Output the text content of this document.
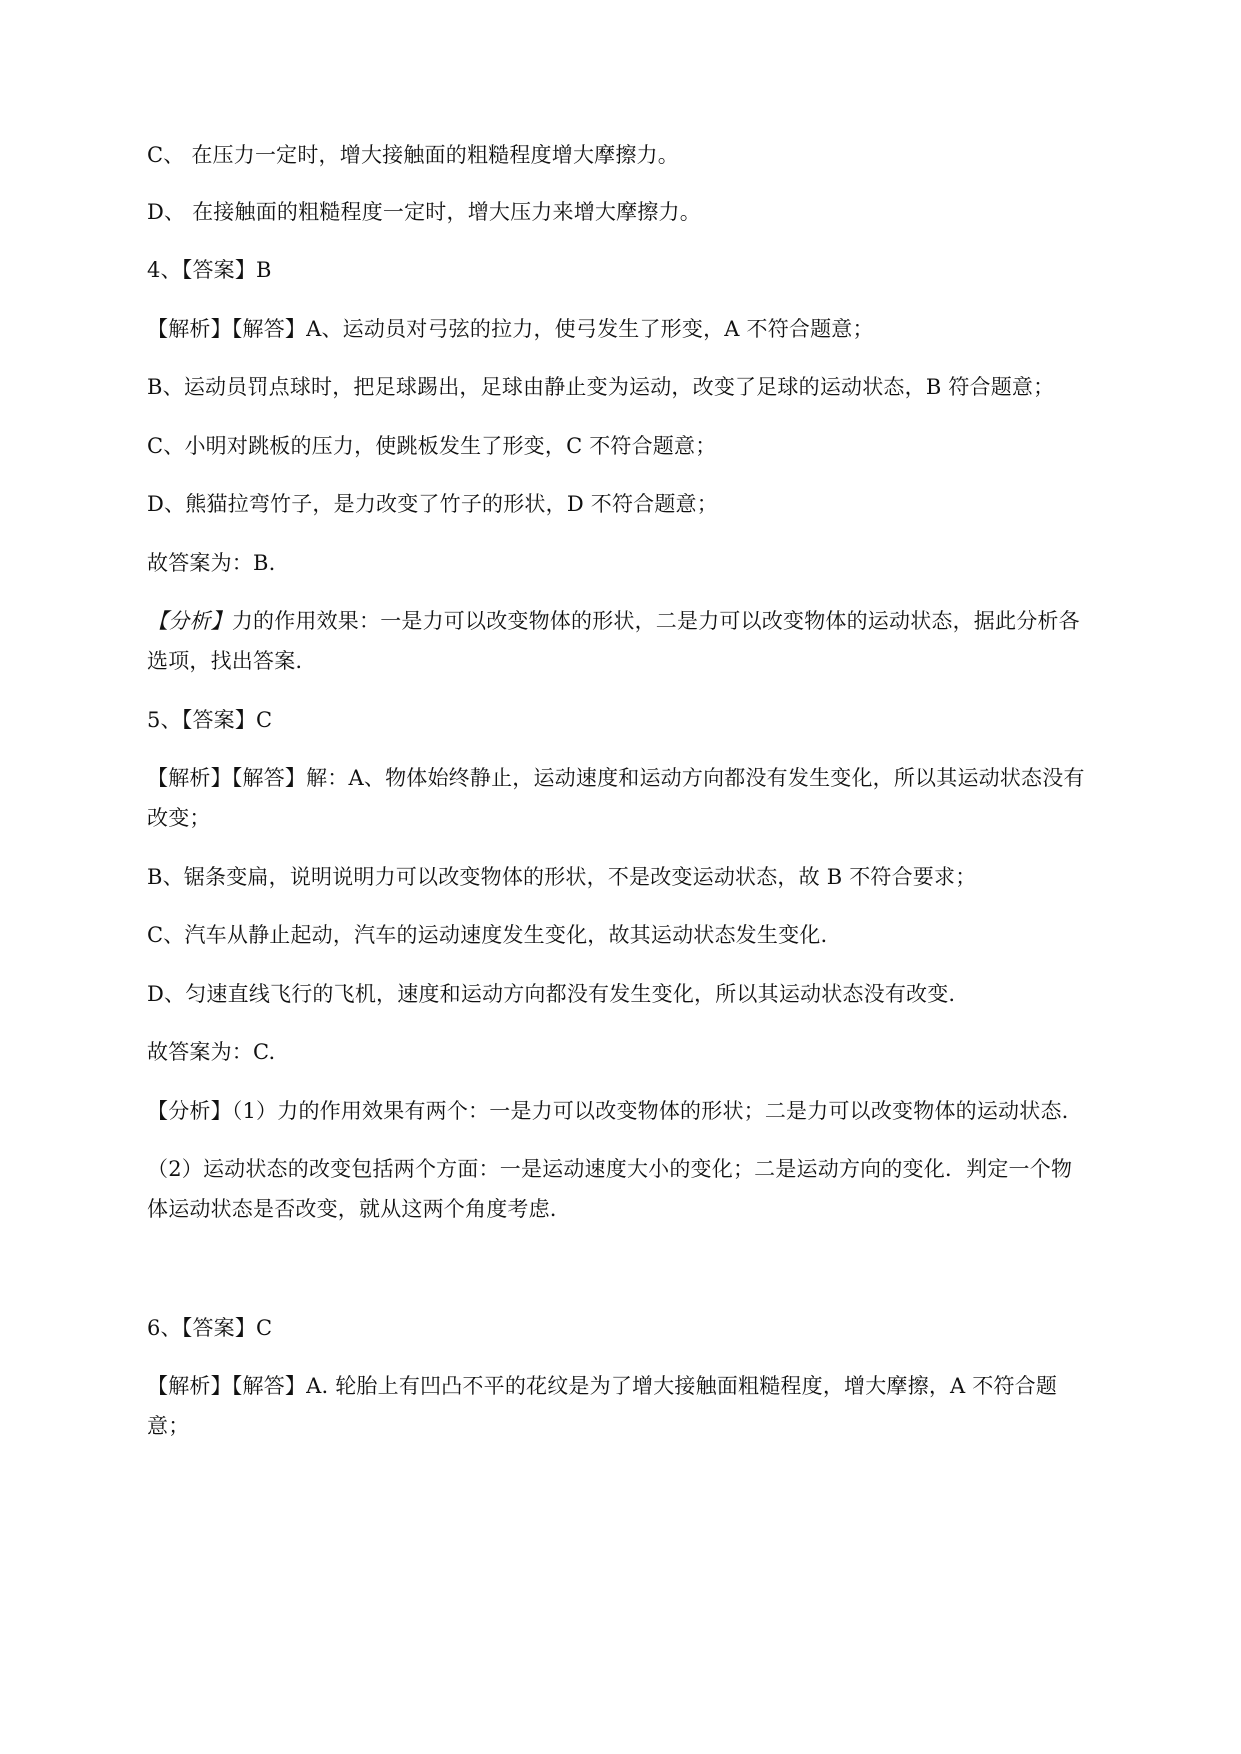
C、 在压力一定时，增大接触面的粗糙程度增大摩擦力。
D、 在接触面的粗糙程度一定时，增大压力来增大摩擦力。
4、【答案】B
【解析】【解答】A、运动员对弓弦的拉力，使弓发生了形变，A 不符合题意；
B、运动员罚点球时，把足球踢出，足球由静止变为运动，改变了足球的运动状态，B 符合题意；
C、小明对跳板的压力，使跳板发生了形变，C 不符合题意；
D、熊猫拉弯竹子，是力改变了竹子的形状，D 不符合题意；
故答案为：B.
【分析】力的作用效果：一是力可以改变物体的形状，二是力可以改变物体的运动状态，据此分析各
选项，找出答案.
5、【答案】C
【解析】【解答】解：A、物体始终静止，运动速度和运动方向都没有发生变化，所以其运动状态没有
改变；
B、锯条变扁，说明说明力可以改变物体的形状，不是改变运动状态，故 B 不符合要求；
C、汽车从静止起动，汽车的运动速度发生变化，故其运动状态发生变化.
D、匀速直线飞行的飞机，速度和运动方向都没有发生变化，所以其运动状态没有改变.
故答案为：C.
【分析】（1）力的作用效果有两个：一是力可以改变物体的形状；二是力可以改变物体的运动状态.
（2）运动状态的改变包括两个方面：一是运动速度大小的变化；二是运动方向的变化．判定一个物
体运动状态是否改变，就从这两个角度考虑.
6、【答案】C
【解析】【解答】A. 轮胎上有凹凸不平的花纹是为了增大接触面粗糙程度，增大摩擦，A 不符合题
意；
